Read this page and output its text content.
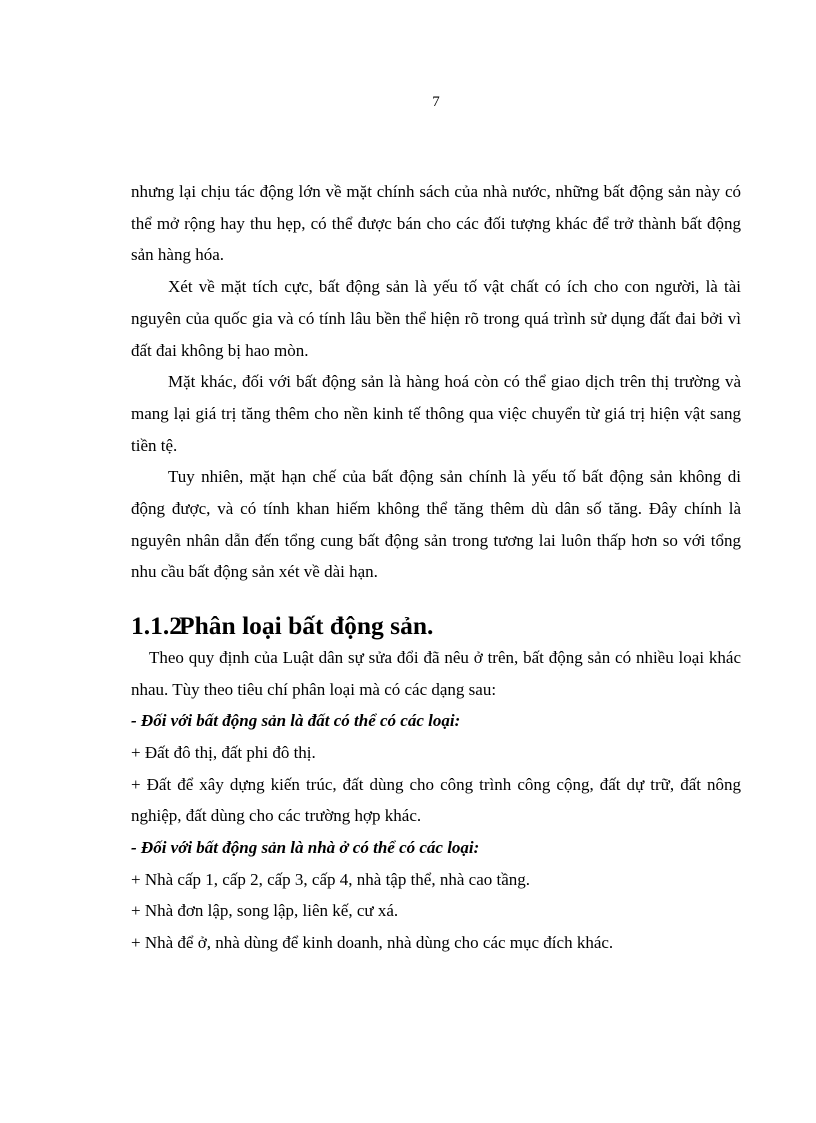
7

nhưng lại chịu tác động lớn về mặt chính sách của nhà nước, những bất động sản này có thể mở rộng hay thu hẹp, có thể được bán cho các đối tượng khác để trở thành bất động sản hàng hóa.

Xét về mặt tích cực, bất động sản là yếu tố vật chất có ích cho con người, là tài nguyên của quốc gia và có tính lâu bền thể hiện rõ trong quá trình sử dụng đất đai bởi vì đất đai không bị hao mòn.

Mặt khác, đối với bất động sản là hàng hoá còn có thể giao dịch trên thị trường và mang lại giá trị tăng thêm cho nền kinh tế thông qua việc chuyển từ giá trị hiện vật sang tiền tệ.

Tuy nhiên, mặt hạn chế của bất động sản chính là yếu tố bất động sản không di động được, và có tính khan hiếm không thể tăng thêm dù dân số tăng. Đây chính là nguyên nhân dẫn đến tổng cung bất động sản trong tương lai luôn thấp hơn so với tổng nhu cầu bất động sản xét về dài hạn.

1.1.2Phân loại bất động sản.

Theo quy định của Luật dân sự sửa đổi đã nêu ở trên, bất động sản có nhiều loại khác nhau. Tùy theo tiêu chí phân loại mà có các dạng sau:

- Đối với bất động sản là đất có thể có các loại:

+ Đất đô thị, đất phi đô thị.

+ Đất để xây dựng kiến trúc, đất dùng cho công trình công cộng, đất dự trữ, đất nông nghiệp, đất dùng cho các trường hợp khác.

- Đối với bất động sản là nhà ở có thể có các loại:

+ Nhà cấp 1, cấp 2, cấp 3, cấp 4, nhà tập thể, nhà cao tầng.

+ Nhà đơn lập, song lập, liên kế, cư xá.

+ Nhà để ở, nhà dùng để kinh doanh, nhà dùng cho các mục đích khác.
